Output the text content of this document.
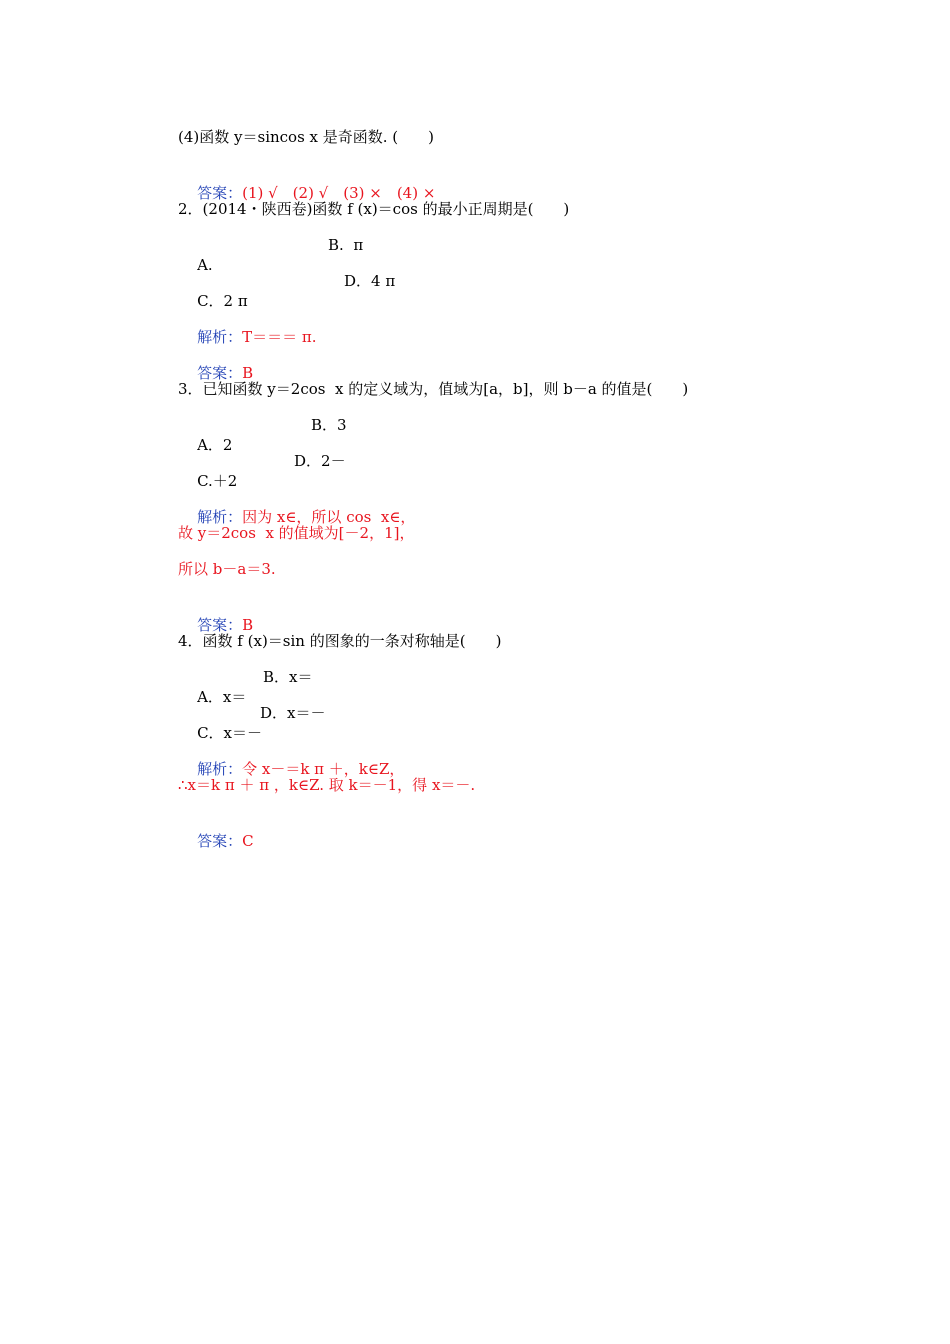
(4)函数 y＝sincos x 是奇函数. (　　)

答案：(1) √　(2) √　(3) ×　(4) ×

2．(2014・陕西卷)函数 f (x)＝cos 的最小正周期是(　　)

A.

B.  π

C．2 π

D．4 π

解析：T＝＝＝ π.

答案：B

3．已知函数 y＝2cos  x 的定义域为，值域为[a，b]，则 b－a 的值是(　　)

A．2

B．3

C.＋2

D．2－

解析：因为 x∈，所以 cos  x∈，

故 y＝2cos  x 的值域为[－2，1]，
所以 b－a＝3.

答案：B

4．函数 f (x)＝sin 的图象的一条对称轴是(　　)

A．x＝

B．x＝

C．x＝－

D．x＝－

解析：令 x－＝k π ＋，k∈Z，

∴x＝k π ＋ π ，k∈Z. 取 k＝－1，得 x＝－.

答案：C
